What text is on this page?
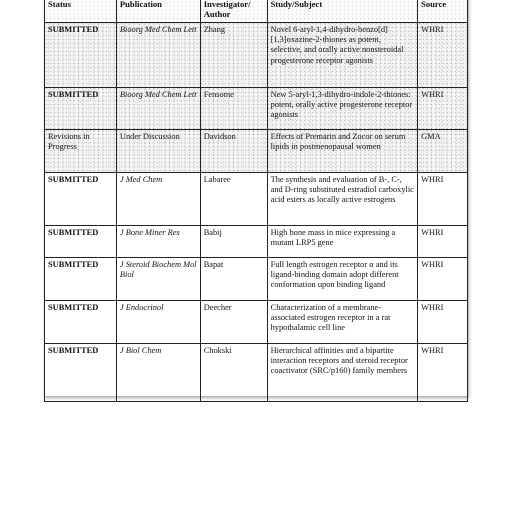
Status	Publication	Investigator/ Author	Study/Subject	Source
SUBMITTED	Bioorg Med Chem Lett	Zhang	Novel 6-aryl-1,4-dihydro-benzo[d][1,3]oxazine-2-thiones as potent, selective, and orally active nonsteroidal progesterone receptor agonists	WHRI
SUBMITTED	Bioorg Med Chem Lett	Fensome	New 5-aryl-1,3-dihydro-indole-2-thiones: potent, orally active progesterone receptor agonists	WHRI
Revisions in Progress	Under Discussion	Davidson	Effects of Premarin and Zocor on serum lipids in postmenopausal women	GMA
SUBMITTED	J Med Chem	Labaree	The synthesis and evaluation of B-, C-, and D-ring substituted estradiol carboxylic acid esters as locally active estrogens	WHRI
SUBMITTED	J Bone Miner Res	Babij	High bone mass in mice expressing a mutant LRP5 gene	WHRI
SUBMITTED	J Steroid Biochem Mol Biol	Bapat	Full length estrogen receptor α and its ligand-binding domain adopt different conformation upon binding ligand	WHRI
SUBMITTED	J Endocrinol	Deecher	Characterization of a membrane-associated estrogen receptor in a rat hypothalamic cell line	WHRI
SUBMITTED	J Biol Chem	Chokski	Hierarchical affinities and a bipartite interaction receptors and steroid receptor coactivator (SRC/p160) family members	WHRI
